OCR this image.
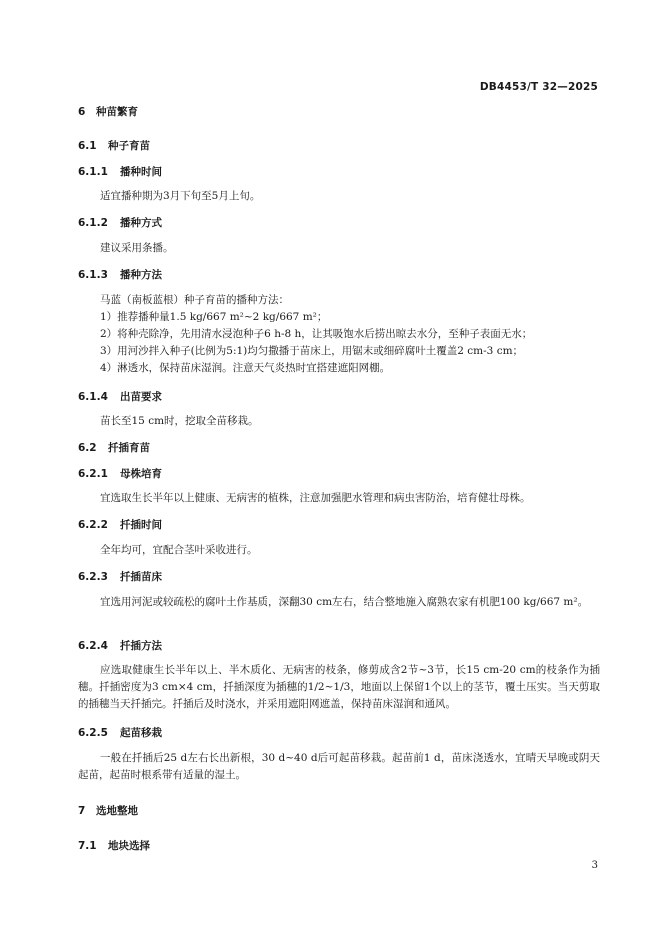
DB4453/T 32—2025
6 种苗繁育
6.1 种子育苗
6.1.1 播种时间
适宜播种期为3月下旬至5月上旬。
6.1.2 播种方式
建议采用条播。
6.1.3 播种方法
马蓝（南板蓝根）种子育苗的播种方法：
1）推荐播种量1.5 kg/667 m²~2 kg/667 m²；
2）将种壳除净，先用清水浸泡种子6 h-8 h，让其吸饱水后捞出晾去水分，至种子表面无水；
3）用河沙拌入种子(比例为5:1)均匀撒播于苗床上，用锯末或细碎腐叶土覆盖2 cm-3 cm；
4）淋透水，保持苗床湿润。注意天气炎热时宜搭建遮阳网棚。
6.1.4 出苗要求
苗长至15 cm时，挖取全苗移栽。
6.2 扦插育苗
6.2.1 母株培育
宜选取生长半年以上健康、无病害的植株，注意加强肥水管理和病虫害防治，培育健壮母株。
6.2.2 扦插时间
全年均可，宜配合茎叶采收进行。
6.2.3 扦插苗床
宜选用河泥或较疏松的腐叶土作基质，深翻30 cm左右，结合整地施入腐熟农家有机肥100 kg/667 m²。
6.2.4 扦插方法
应选取健康生长半年以上、半木质化、无病害的枝条，修剪成含2节~3节，长15 cm-20 cm的枝条作为插穗。扦插密度为3 cm×4 cm，扦插深度为插穗的1/2~1/3，地面以上保留1个以上的茎节，覆土压实。当天剪取的插穗当天扦插完。扦插后及时浇水，并采用遮阳网遮盖，保持苗床湿润和通风。
6.2.5 起苗移栽
一般在扦插后25 d左右长出新根，30 d~40 d后可起苗移栽。起苗前1 d，苗床浇透水，宜晴天早晚或阴天起苗，起苗时根系带有适量的湿土。
7 选地整地
7.1 地块选择
3
